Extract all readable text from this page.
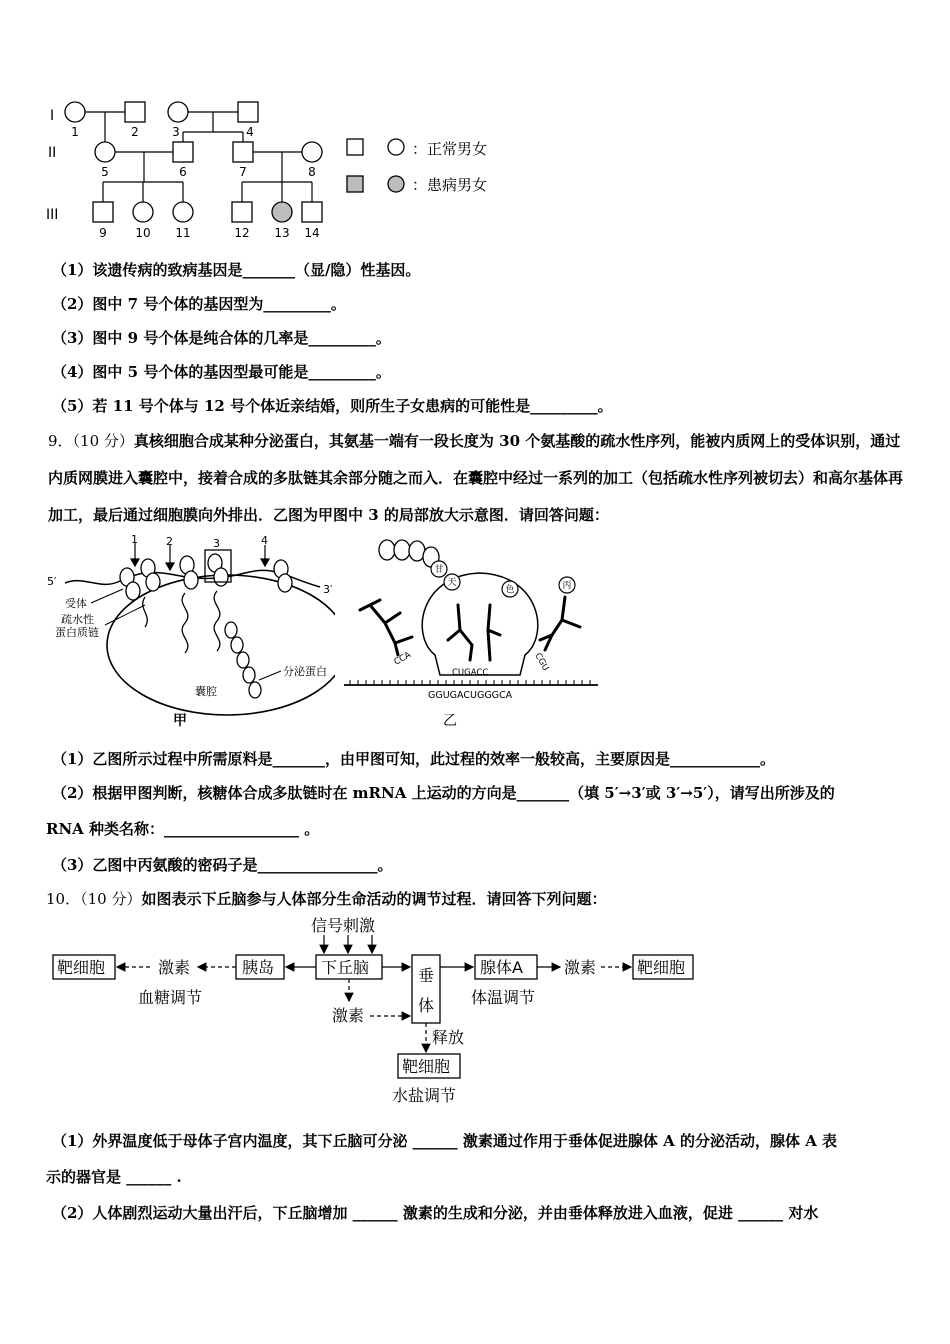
I
II
III
1	2	3	4
5	6	7	8
9 10 11	12 13 14
：正常男女
：患病男女
（1）该遗传病的致病基因是_______（显/隐）性基因。
（2）图中 7 号个体的基因型为_________。
（3）图中 9 号个体是纯合体的几率是_________。
（4）图中 5 号个体的基因型最可能是_________。
（5）若 11 号个体与 12 号个体近亲结婚，则所生子女患病的可能性是_________。
9．（10 分）真核细胞合成某种分泌蛋白，其氨基一端有一段长度为 30 个氨基酸的疏水性序列，能被内质网上的受体识别，通过内质网膜进入囊腔中，接着合成的多肽链其余部分随之而入．在囊腔中经过一系列的加工（包括疏水性序列被切去）和高尔基体再加工，最后通过细胞膜向外排出．乙图为甲图中 3 的局部放大示意图．请回答问题：
1	2	3	4
5′
3′
受体
疏水性
蛋白质链
分泌蛋白
囊腔
甲
甘
天
色	丙
CCA
CUGACC
CGU
GGUGACUGGGCA
乙
（1）乙图所示过程中所需原料是_______，由甲图可知，此过程的效率一般较高，主要原因是____________。
（2）根据甲图判断，核糖体合成多肽链时在 mRNA 上运动的方向是_______（填 5′→3′或 3′→5′），请写出所涉及的
RNA 种类名称：__________________ 。
（3）乙图中丙氨酸的密码子是________________。
10．（10 分）如图表示下丘脑参与人体部分生命活动的调节过程．请回答下列问题：
靶细胞	激素	胰岛	下丘脑
信号刺激
垂
体
腺体A	激素	靶细胞
血糖调节	体温调节
激素
释放
靶细胞
水盐调节
（1）外界温度低于母体子宫内温度，其下丘脑可分泌 ______ 激素通过作用于垂体促进腺体 A 的分泌活动，腺体 A 表
示的器官是 ______ .
（2）人体剧烈运动大量出汗后，下丘脑增加 ______ 激素的生成和分泌，并由垂体释放进入血液，促进 ______ 对水
